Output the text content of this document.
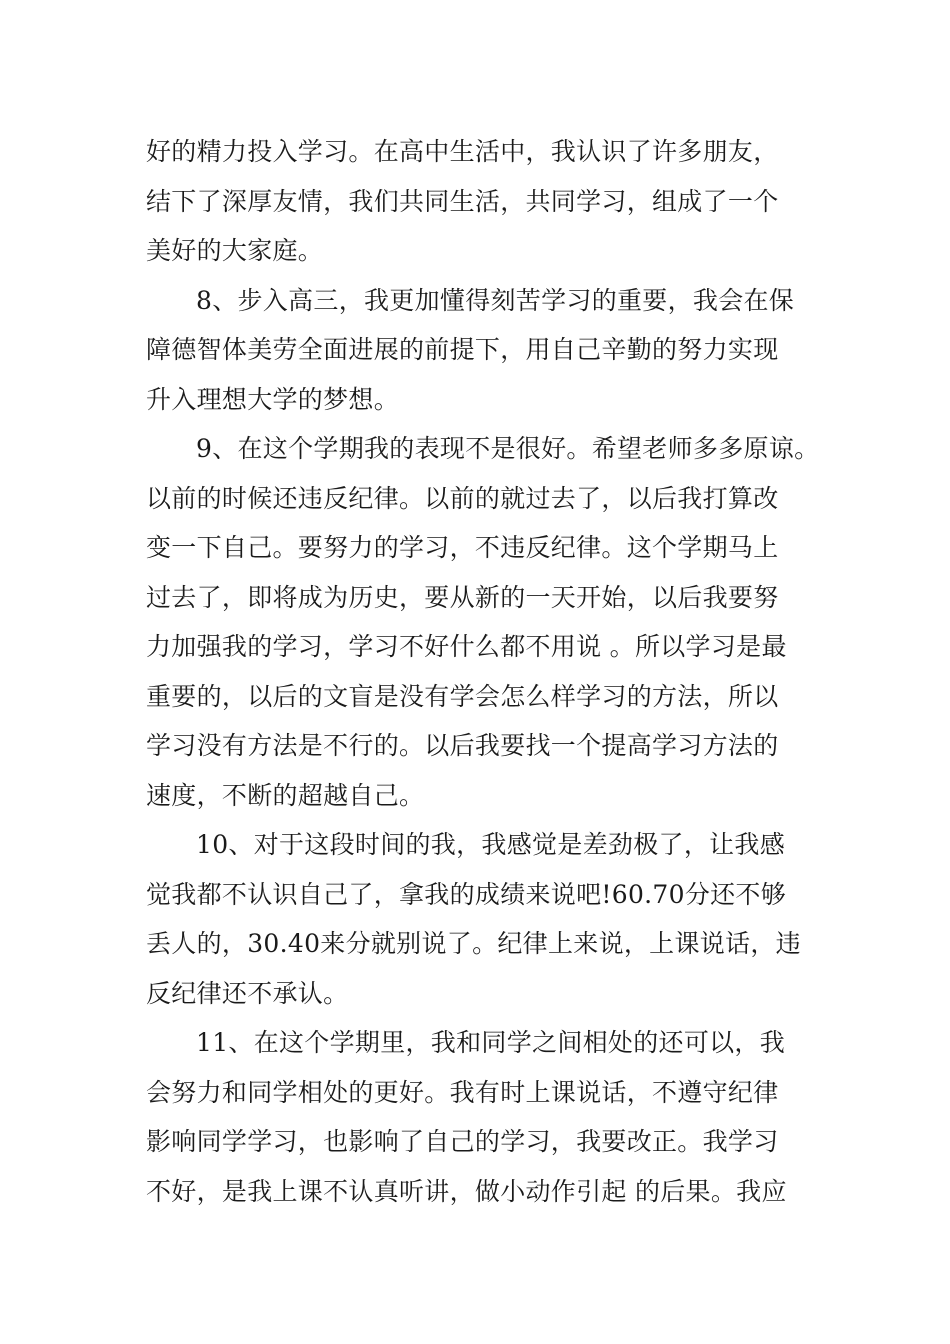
好的精力投入学习。在高中生活中，我认识了许多朋友，
结下了深厚友情，我们共同生活，共同学习，组成了一个
美好的大家庭。
8、步入高三，我更加懂得刻苦学习的重要，我会在保
障德智体美劳全面进展的前提下，用自己辛勤的努力实现
升入理想大学的梦想。
9、在这个学期我的表现不是很好。希望老师多多原谅。
以前的时候还违反纪律。以前的就过去了，以后我打算改
变一下自己。要努力的学习，不违反纪律。这个学期马上
过去了，即将成为历史，要从新的一天开始，以后我要努
力加强我的学习，学习不好什么都不用说 。所以学习是最
重要的，以后的文盲是没有学会怎么样学习的方法，所以
学习没有方法是不行的。以后我要找一个提高学习方法的
速度，不断的超越自己。
10、对于这段时间的我，我感觉是差劲极了，让我感
觉我都不认识自己了，拿我的成绩来说吧!60.70分还不够
丢人的，30.40来分就别说了。纪律上来说，上课说话，违
反纪律还不承认。
11、在这个学期里，我和同学之间相处的还可以，我
会努力和同学相处的更好。我有时上课说话，不遵守纪律
影响同学学习，也影响了自己的学习，我要改正。我学习
不好，是我上课不认真听讲，做小动作引起 的后果。我应
